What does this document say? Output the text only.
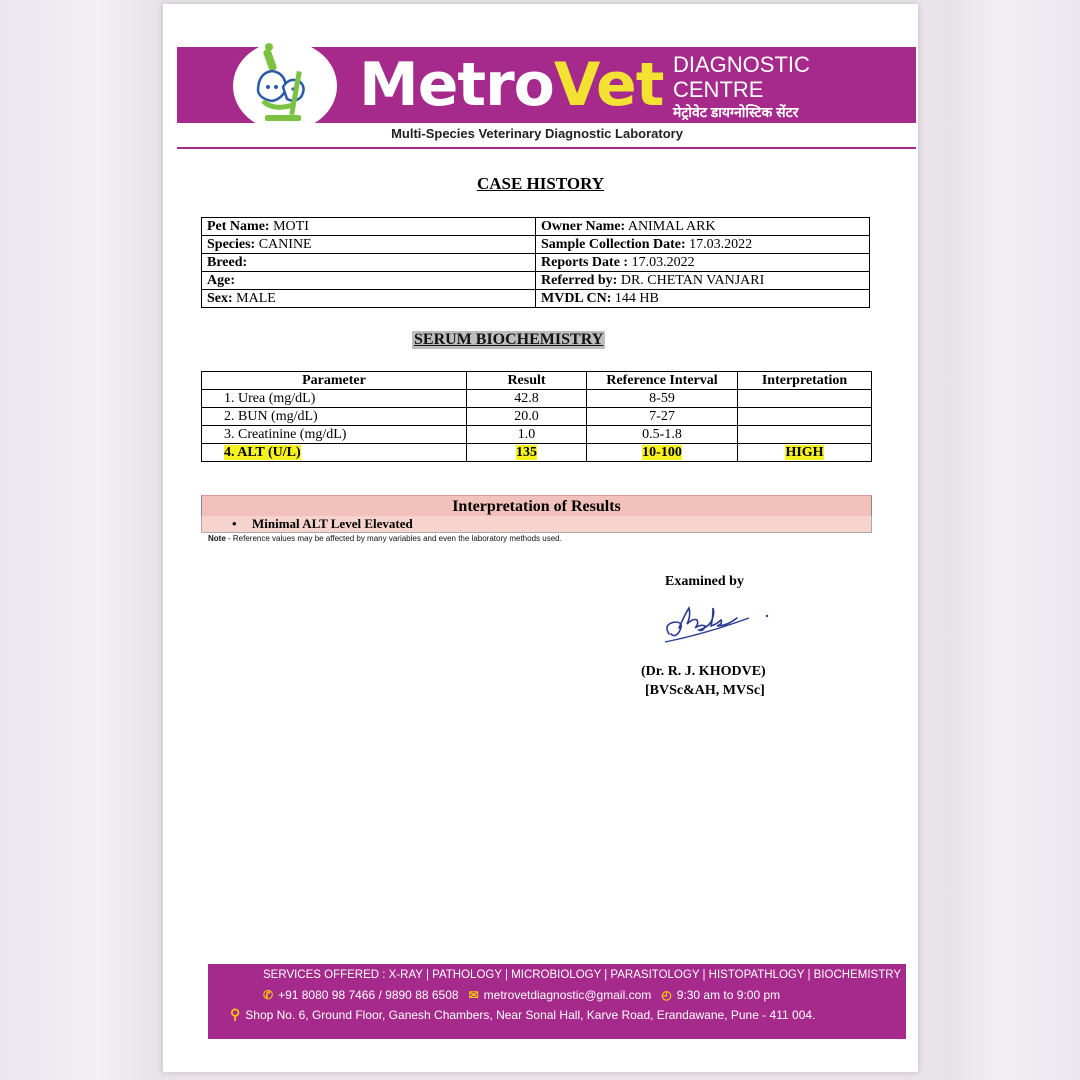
Metro Vet DIAGNOSTIC
CENTRE
मेट्रोवेट डायग्नोस्टिक सेंटर
Multi-Species Veterinary Diagnostic Laboratory
CASE HISTORY
Pet Name: MOTI	Owner Name: ANIMAL ARK
Species: CANINE	Sample Collection Date: 17.03.2022
Breed:	Reports Date : 17.03.2022
Age:	Referred by: DR. CHETAN VANJARI
Sex: MALE	MVDL CN: 144 HB
SERUM BIOCHEMISTRY
Parameter	Result	Reference Interval	Interpretation
1. Urea (mg/dL)	42.8	8-59	
2. BUN (mg/dL)	20.0	7-27	
3. Creatinine (mg/dL)	1.0	0.5-1.8	
4. ALT (U/L)	135	10-100	HIGH
Interpretation of Results
• Minimal ALT Level Elevated
Note - Reference values may be affected by many variables and even the laboratory methods used.
Examined by
(Dr. R. J. KHODVE)
[BVSc&AH, MVSc]
SERVICES OFFERED : X-RAY | PATHOLOGY | MICROBIOLOGY | PARASITOLOGY | HISTOPATHLOGY | BIOCHEMISTRY
✆ +91 8080 98 7466 / 9890 88 6508 ✉ metrovetdiagnostic@gmail.com ◴ 9:30 am to 9:00 pm
⚲ Shop No. 6, Ground Floor, Ganesh Chambers, Near Sonal Hall, Karve Road, Erandawane, Pune - 411 004.
